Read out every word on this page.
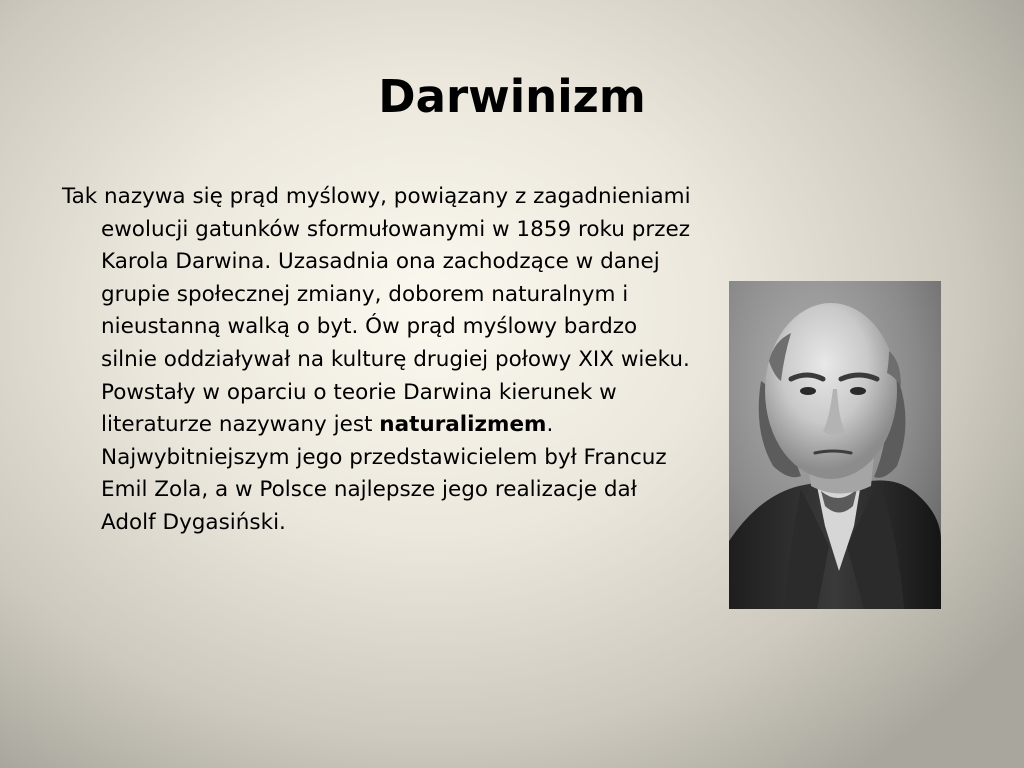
Darwinizm

Tak nazywa się prąd myślowy, powiązany z zagadnieniami ewolucji gatunków sformułowanymi w 1859 roku przez Karola Darwina. Uzasadnia ona zachodzące w danej grupie społecznej zmiany, doborem naturalnym i nieustanną walką o byt. Ów prąd myślowy bardzo silnie oddziaływał na kulturę drugiej połowy XIX wieku. Powstały w oparciu o teorie Darwina kierunek w literaturze nazywany jest naturalizmem. Najwybitniejszym jego przedstawicielem był Francuz Emil Zola, a w Polsce najlepsze jego realizacje dał Adolf Dygasiński.
